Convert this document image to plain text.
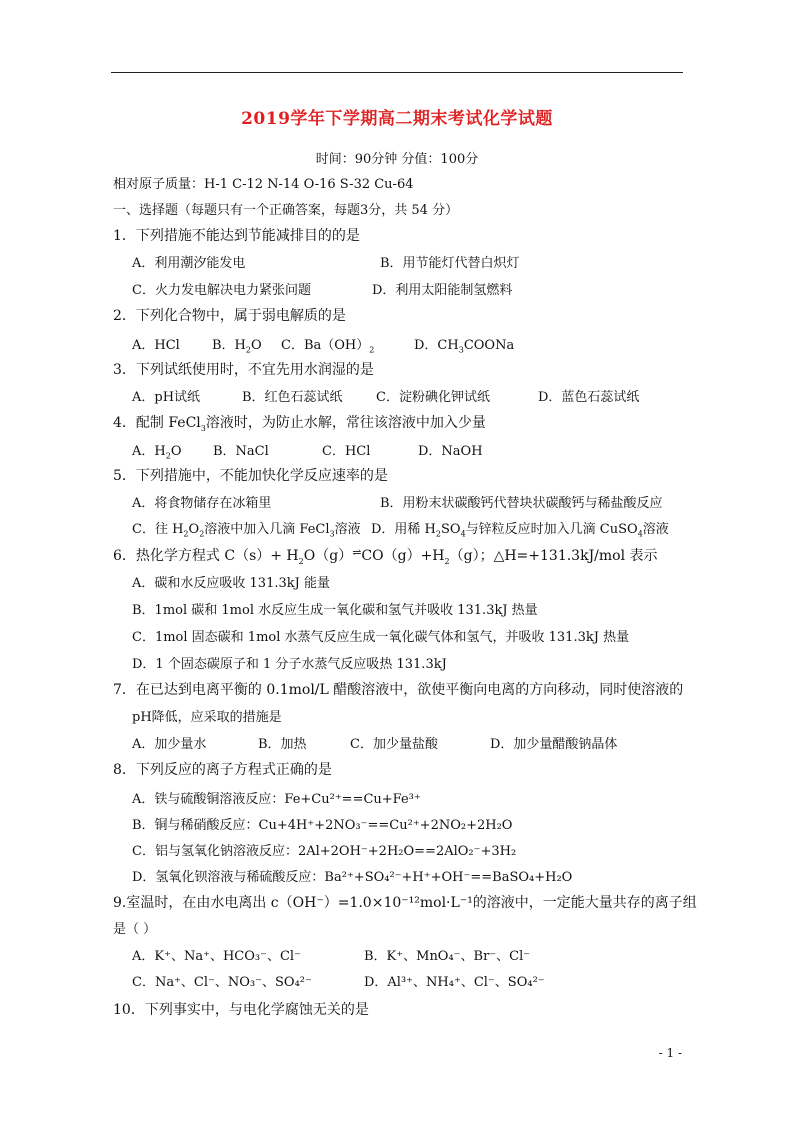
2019学年下学期高二期末考试化学试题
时间：90分钟 分值：100分
相对原子质量：H-1 C-12 N-14 O-16 S-32 Cu-64
一、选择题（每题只有一个正确答案，每题3分，共 54 分）
1．下列措施不能达到节能减排目的的是
A．利用潮汐能发电	B．用节能灯代替白炽灯
C．火力发电解决电力紧张问题	D．利用太阳能制氢燃料
2．下列化合物中，属于弱电解质的是
A．HCl B．$H_2O$ C．$Ba(OH)_2$	D．$CH_3COONa$
3．下列试纸使用时，不宜先用水润湿的是
A．pH试纸	B．红色石蕊试纸	C．淀粉碘化钾试纸	D．蓝色石蕊试纸
4．配制 FeCl$_3$溶液时，为防止水解，常往该溶液中加入少量
A．$H_2O$ B．NaCl	C．HCl	D．NaOH
5．下列措施中，不能加快化学反应速率的是
A．将食物储存在冰箱里	B．用粉末状碳酸钙代替块状碳酸钙与稀盐酸反应
C．往 $H_2O_2$溶液中加入几滴 FeCl$_3$溶液 D．用稀 $H_2SO_4$与锌粒反应时加入几滴 CuSO$_4$溶液
6．热化学方程式 $C(s)+ H_2O(g)^\rightleftharpoons CO(g)+H_2(g)$；△H=+131.3kJ/mol 表示
A．碳和水反应吸收 131.3kJ 能量
B．1mol 碳和 1mol 水反应生成一氧化碳和氢气并吸收 131.3kJ 热量
C．1mol 固态碳和 1mol 水蒸气反应生成一氧化碳气体和氢气，并吸收 131.3kJ 热量
D．1 个固态碳原子和 1 分子水蒸气反应吸热 131.3kJ
7．在已达到电离平衡的 0.1mol/L 醋酸溶液中，欲使平衡向电离的方向移动，同时使溶液的
pH降低，应采取的措施是
A．加少量水	B．加热	C．加少量盐酸	D．加少量醋酸钠晶体
8．下列反应的离子方程式正确的是
A．铁与硫酸铜溶液反应：Fe+Cu²⁺==Cu+Fe³⁺
B．铜与稀硝酸反应：Cu+4H⁺+2NO₃⁻==Cu²⁺+2NO₂+2H₂O
C．铝与氢氧化钠溶液反应：2Al+2OH⁻+2H₂O==2AlO₂⁻+3H₂
D．氢氧化钡溶液与稀硫酸反应：Ba²⁺+SO₄²⁻+H⁺+OH⁻==BaSO₄+H₂O
9.室温时，在由水电离出 c（OH⁻）=1.0×10⁻¹²mol·L⁻¹的溶液中，一定能大量共存的离子组
是（ ）
A．K⁺、Na⁺、HCO₃⁻、Cl⁻	B．K⁺、MnO₄⁻、Br⁻、Cl⁻
C．Na⁺、Cl⁻、NO₃⁻、SO₄²⁻	D．Al³⁺、NH₄⁺、Cl⁻、SO₄²⁻
10．下列事实中，与电化学腐蚀无关的是
- 1 -
